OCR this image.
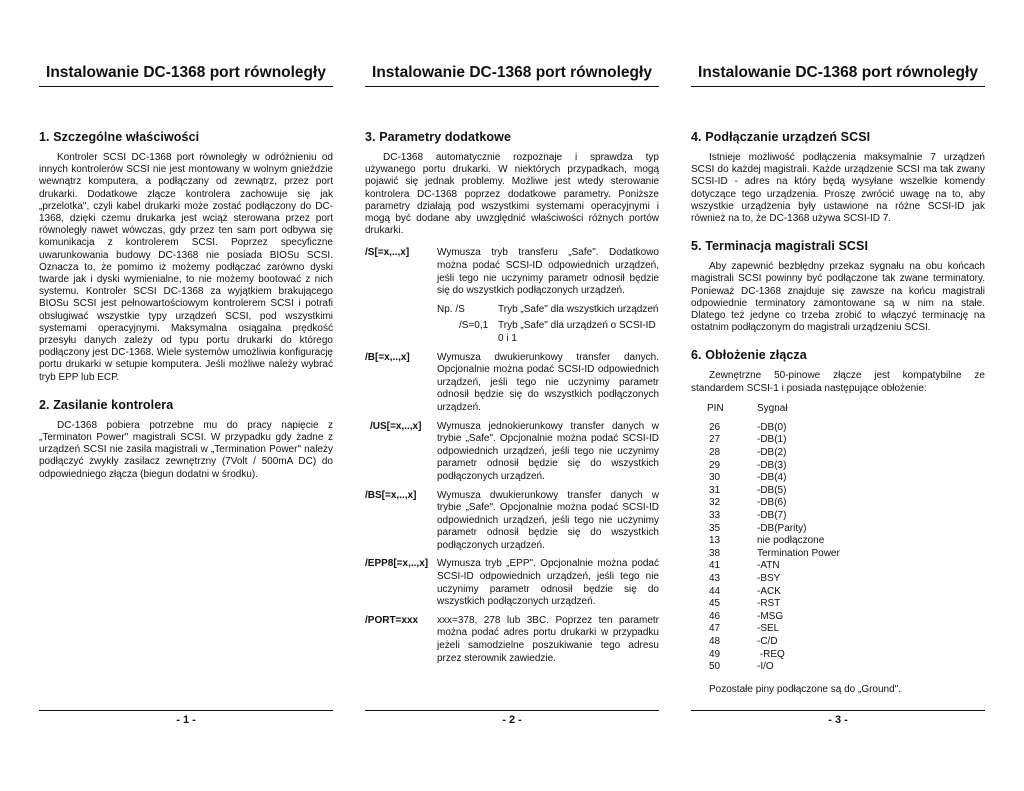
Instalowanie DC-1368 port równoległy
1. Szczególne właściwości

Kontroler SCSI DC-1368 port równoległy w odróżnieniu od innych kontrolerów SCSI nie jest montowany w wolnym gnieździe wewnątrz komputera, a podłączany od zewnątrz, przez port drukarki. Dodatkowe złącze kontrolera zachowuje się jak „przelotka", czyli kabel drukarki może zostać podłączony do DC-1368, dzięki czemu drukarka jest wciąż sterowana przez port równoległy nawet wówczas, gdy przez ten sam port odbywa się komunikacja z kontrolerem SCSI. Poprzez specyficzne uwarunkowania budowy DC-1368 nie posiada BIOSu SCSI. Oznacza to, że pomimo iż możemy podłączać zarówno dyski twarde jak i dyski wymienialne, to nie możemy bootować z nich systemu. Kontroler SCSI DC-1368 za wyjątkiem brakującego BIOSu SCSI jest pełnowartościowym kontrolerem SCSI i potrafi obsługiwać wszystkie typy urządzeń SCSI, pod wszystkimi systemami operacyjnymi. Maksymalna osiągalna prędkość przesyłu danych zależy od typu portu drukarki do którego podłączony jest DC-1368. Wiele systemów umożliwia konfigurację portu drukarki w setupie komputera. Jeśli możliwe należy wybrać tryb EPP lub ECP.

2. Zasilanie kontrolera

DC-1368 pobiera potrzebne mu do pracy napięcie z „Terminaton Power" magistrali SCSI. W przypadku gdy żadne z urządzeń SCSI nie zasila magistrali w „Termination Power" należy podłączyć zwykły zasilacz zewnętrzny (7Volt / 500mA DC) do odpowiedniego złącza (biegun dodatni w środku).

- 1 -
Instalowanie DC-1368 port równoległy
3. Parametry dodatkowe

DC-1368 automatycznie rozpoznaje i sprawdza typ używanego portu drukarki. W niektórych przypadkach, mogą pojawić się jednak problemy. Możliwe jest wtedy sterowanie kontrolera DC-1368 poprzez dodatkowe parametry. Poniższe parametry działają pod wszystkimi systemami operacyjnymi i mogą być dodane aby uwzględnić właściwości różnych portów drukarki.

/S[=x,..,x]	Wymusza tryb transferu „Safe". Dodatkowo można podać SCSI-ID odpowiednich urządzeń, jeśli tego nie uczynimy parametr odnosił będzie się do wszystkich podłączonych urządzeń.
Np. /S	Tryb „Safe" dla wszystkich urządzeń
/S=0,1 Tryb „Safe" dla urządzeń o SCSI-ID 0 i 1
/B[=x,..,x]	Wymusza dwukierunkowy transfer danych. Opcjonalnie można podać SCSI-ID odpowiednich urządzeń, jeśli tego nie uczynimy parametr odnosił będzie się do wszystkich podłączonych urządzeń.
/US[=x,..,x]	Wymusza jednokierunkowy transfer danych w trybie „Safe". Opcjonalnie można podać SCSI-ID odpowiednich urządzeń, jeśli tego nie uczynimy parametr odnosił będzie się do wszystkich podłączonych urządzeń.
/BS[=x,..,x]	Wymusza dwukierunkowy transfer danych w trybie „Safe". Opcjonalnie można podać SCSI-ID odpowiednich urządzeń, jeśli tego nie uczynimy parametr odnosił będzie się do wszystkich podłączonych urządzeń.
/EPP8[=x,..,x] Wymusza tryb „EPP". Opcjonalnie można podać SCSI-ID odpowiednich urządzeń, jeśli tego nie uczynimy parametr odnosił będzie się do wszystkich podłączonych urządzeń.
/PORT=xxx	xxx=378, 278 lub 3BC. Poprzez ten parametr można podać adres portu drukarki w przypadku jeżeli samodzielne poszukiwanie tego adresu przez sterownik zawiedzie.
- 2 -
Instalowanie DC-1368 port równoległy
4. Podłączanie urządzeń SCSI

Istnieje możliwość podłączenia maksymalnie 7 urządzeń SCSI do każdej magistrali. Każde urządzenie SCSI ma tak zwany SCSI-ID - adres na który będą wysyłane wszelkie komendy dotyczące tego urządzenia. Proszę zwrócić uwagę na to, aby wszystkie urządzenia były ustawione na różne SCSI-ID jak również na to, że DC-1368 używa SCSI-ID 7.

5. Terminacja magistrali SCSI

Aby zapewnić bezbłędny przekaz sygnału na obu końcach magistrali SCSI powinny być podłączone tak zwane terminatory. Ponieważ DC-1368 znajduje się zawsze na końcu magistrali odpowiednie terminatory zamontowane są w nim na stałe. Dlatego też jedyne co trzeba zrobić to włączyć terminację na ostatnim podłączonym do magistrali urządzeniu SCSI.

6. Obłożenie złącza

Zewnętrzne 50-pinowe złącze jest kompatybilne ze standardem SCSI-1 i posiada następujące obłożenie:

PIN	Sygnał
26	-DB(0)
27	-DB(1)
28	-DB(2)
29	-DB(3)
30	-DB(4)
31	-DB(5)
32	-DB(6)
33	-DB(7)
35	-DB(Parity)
13	nie podłączone
38	Termination Power
41	-ATN
43	-BSY
44	-ACK
45	-RST
46	-MSG
47	-SEL
48	-C/D
49	-REQ
50	-I/O

Pozostałe piny podłączone są do „Ground".

- 3 -
